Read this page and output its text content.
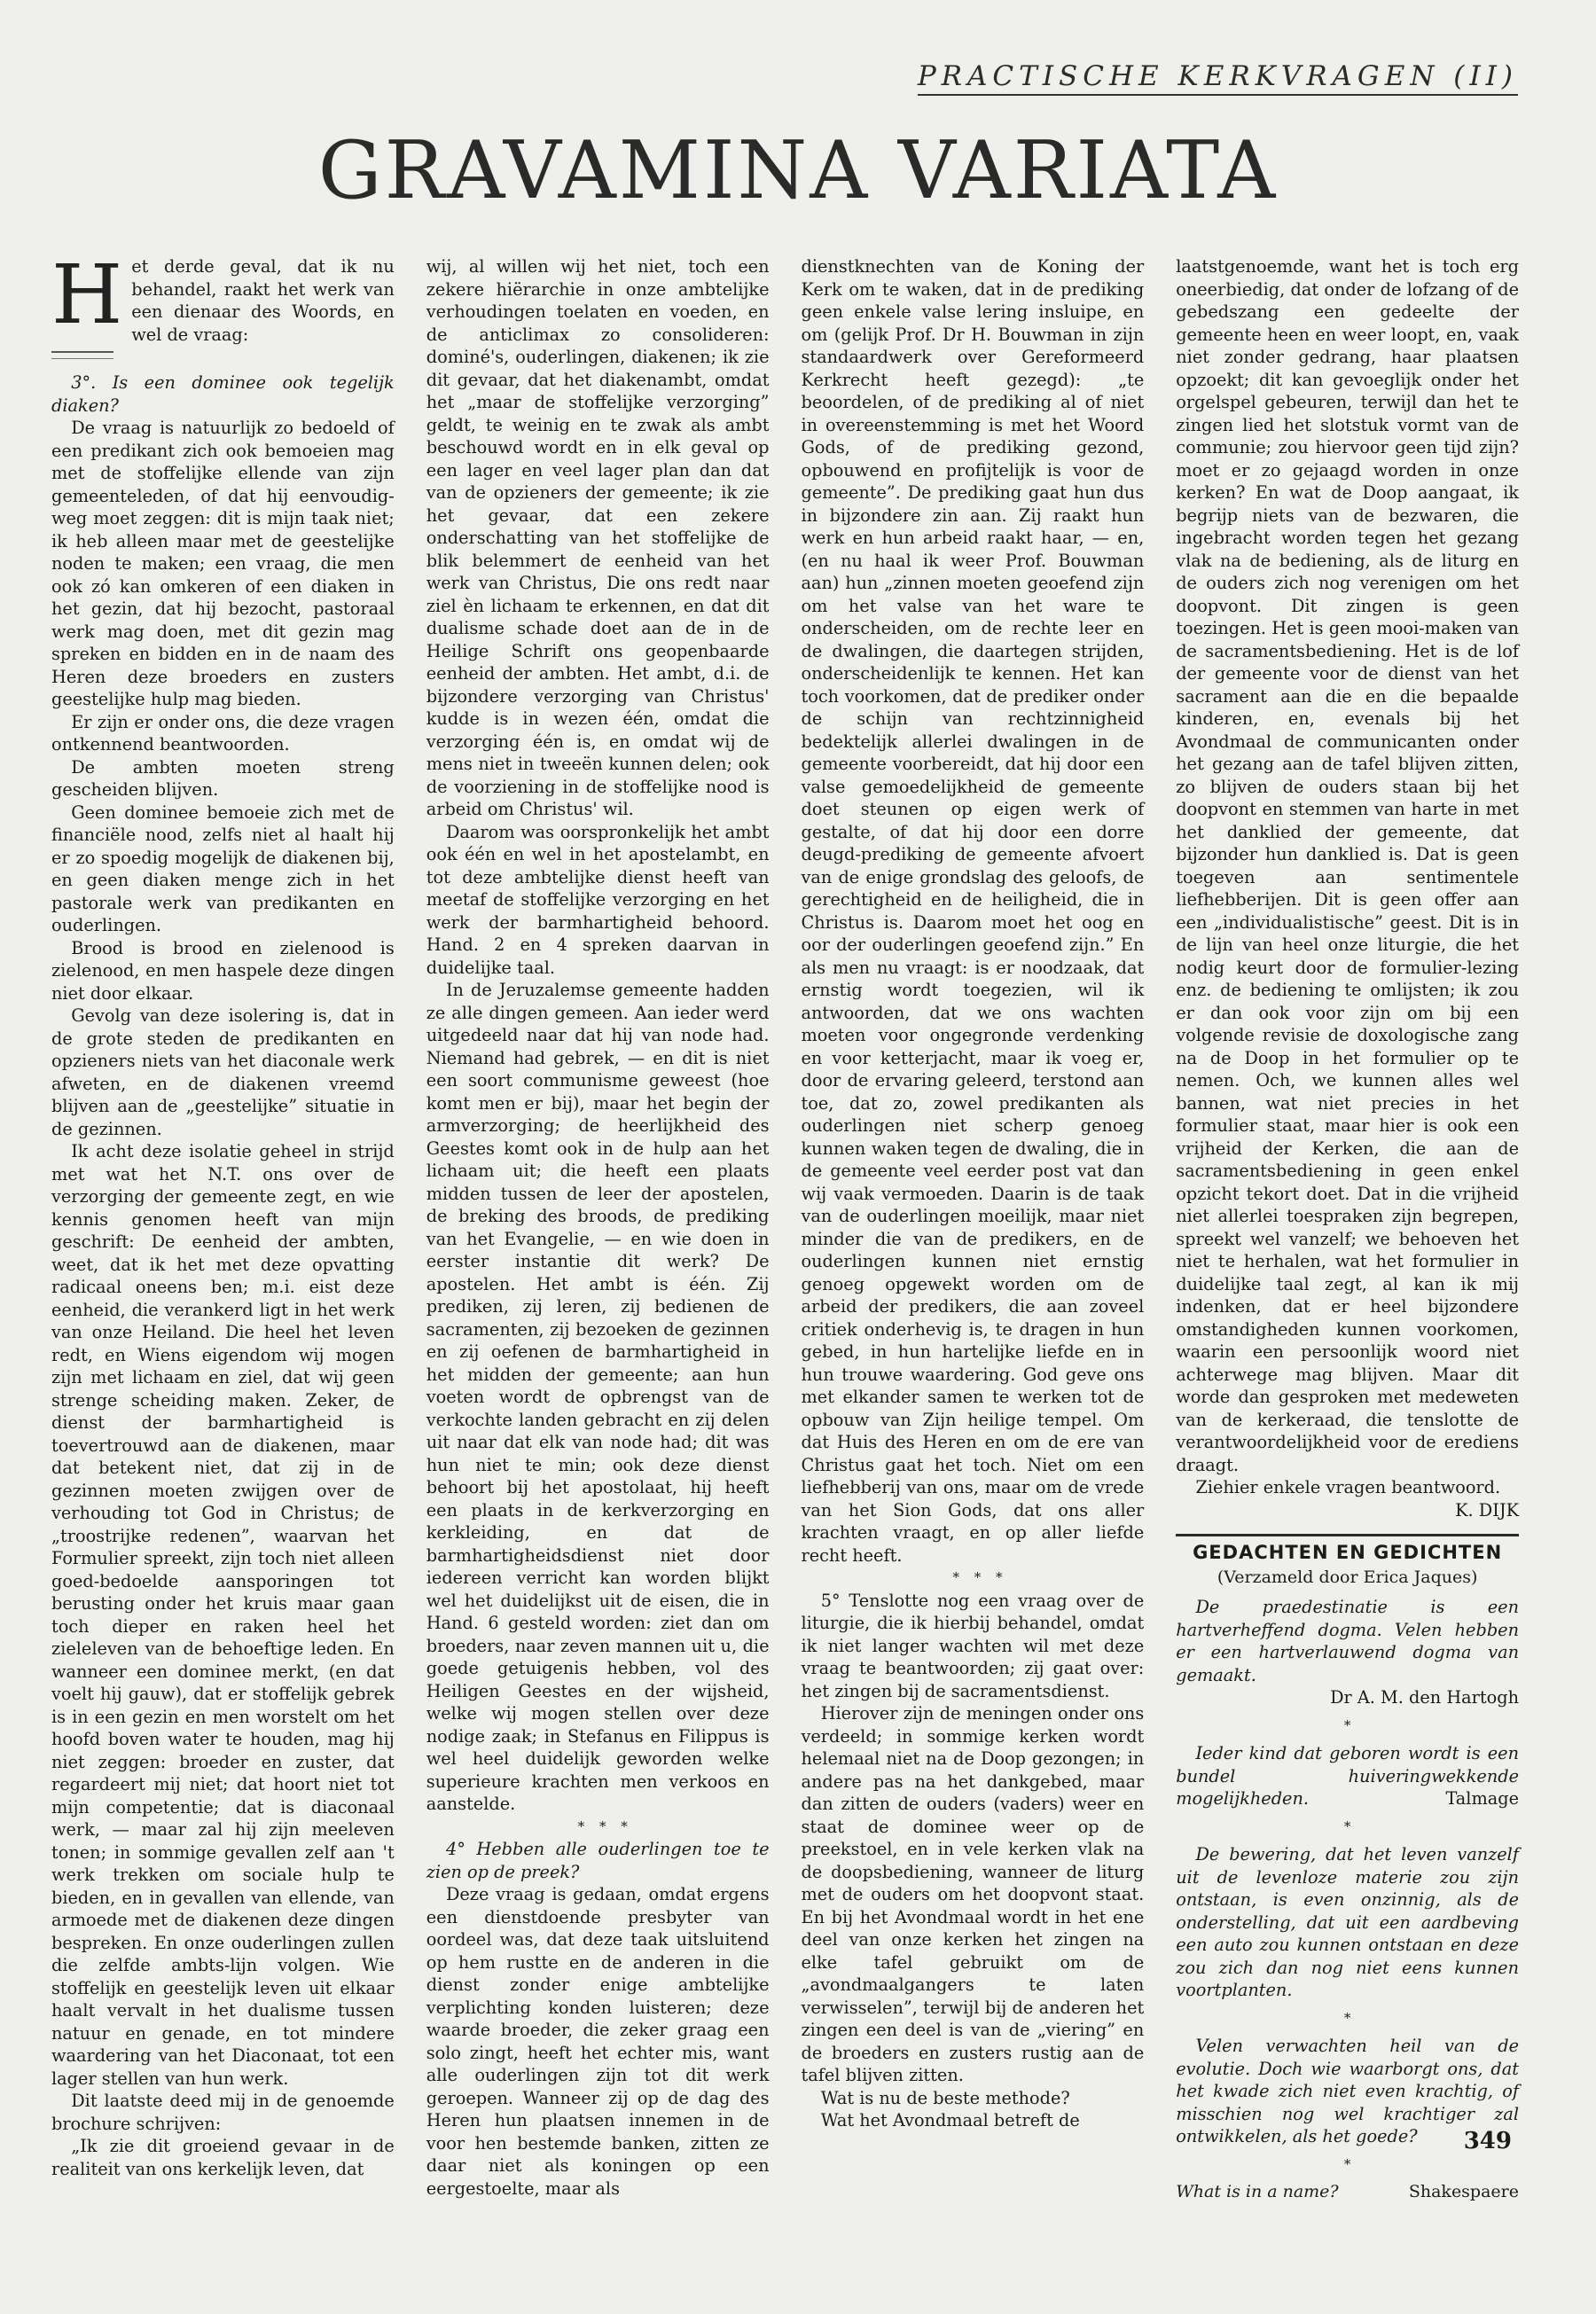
PRACTISCHE KERKVRAGEN (II)
GRAVAMINA VARIATA

Het derde geval, dat ik nu behandel, raakt het werk van een dienaar des Woords, en wel de vraag:

3°. Is een dominee ook tegelijk diaken?

De vraag is natuurlijk zo bedoeld of een predikant zich ook bemoeien mag met de stoffelijke ellende van zijn gemeenteleden, of dat hij eenvoudig-weg moet zeggen: dit is mijn taak niet; ik heb alleen maar met de geestelijke noden te maken; een vraag, die men ook zó kan omkeren of een diaken in het gezin, dat hij bezocht, pastoraal werk mag doen, met dit gezin mag spreken en bidden en in de naam des Heren deze broeders en zusters geestelijke hulp mag bieden.

Er zijn er onder ons, die deze vragen ontkennend beantwoorden.

De ambten moeten streng gescheiden blijven.

Geen dominee bemoeie zich met de financiële nood, zelfs niet al haalt hij er zo spoedig mogelijk de diakenen bij, en geen diaken menge zich in het pastorale werk van predikanten en ouderlingen.

Brood is brood en zielenood is zielenood, en men haspele deze dingen niet door elkaar.

Gevolg van deze isolering is, dat in de grote steden de predikanten en opzieners niets van het diaconale werk afweten, en de diakenen vreemd blijven aan de „geestelijke” situatie in de gezinnen.

Ik acht deze isolatie geheel in strijd met wat het N.T. ons over de verzorging der gemeente zegt, en wie kennis genomen heeft van mijn geschrift: De eenheid der ambten, weet, dat ik het met deze opvatting radicaal oneens ben; m.i. eist deze eenheid, die verankerd ligt in het werk van onze Heiland. Die heel het leven redt, en Wiens eigendom wij mogen zijn met lichaam en ziel, dat wij geen strenge scheiding maken. Zeker, de dienst der barmhartigheid is toevertrouwd aan de diakenen, maar dat betekent niet, dat zij in de gezinnen moeten zwijgen over de verhouding tot God in Christus; de „troostrijke redenen”, waarvan het Formulier spreekt, zijn toch niet alleen goed-bedoelde aansporingen tot berusting onder het kruis maar gaan toch dieper en raken heel het zieleleven van de behoeftige leden. En wanneer een dominee merkt, (en dat voelt hij gauw), dat er stoffelijk gebrek is in een gezin en men worstelt om het hoofd boven water te houden, mag hij niet zeggen: broeder en zuster, dat regardeert mij niet; dat hoort niet tot mijn competentie; dat is diaconaal werk, — maar zal hij zijn meeleven tonen; in sommige gevallen zelf aan 't werk trekken om sociale hulp te bieden, en in gevallen van ellende, van armoede met de diakenen deze dingen bespreken. En onze ouderlingen zullen die zelfde ambts-lijn volgen. Wie stoffelijk en geestelijk leven uit elkaar haalt vervalt in het dualisme tussen natuur en genade, en tot mindere waardering van het Diaconaat, tot een lager stellen van hun werk.

Dit laatste deed mij in de genoemde brochure schrijven:

„Ik zie dit groeiend gevaar in de realiteit van ons kerkelijk leven, dat

wij, al willen wij het niet, toch een zekere hiërarchie in onze ambtelijke verhoudingen toelaten en voeden, en de anticlimax zo consolideren: dominé's, ouderlingen, diakenen; ik zie dit gevaar, dat het diakenambt, omdat het „maar de stoffelijke verzorging” geldt, te weinig en te zwak als ambt beschouwd wordt en in elk geval op een lager en veel lager plan dan dat van de opzieners der gemeente; ik zie het gevaar, dat een zekere onderschatting van het stoffelijke de blik belemmert de eenheid van het werk van Christus, Die ons redt naar ziel èn lichaam te erkennen, en dat dit dualisme schade doet aan de in de Heilige Schrift ons geopenbaarde eenheid der ambten. Het ambt, d.i. de bijzondere verzorging van Christus' kudde is in wezen één, omdat die verzorging één is, en omdat wij de mens niet in tweeën kunnen delen; ook de voorziening in de stoffelijke nood is arbeid om Christus' wil.

Daarom was oorspronkelijk het ambt ook één en wel in het apostelambt, en tot deze ambtelijke dienst heeft van meetaf de stoffelijke verzorging en het werk der barmhartigheid behoord. Hand. 2 en 4 spreken daarvan in duidelijke taal.

In de Jeruzalemse gemeente hadden ze alle dingen gemeen. Aan ieder werd uitgedeeld naar dat hij van node had. Niemand had gebrek, — en dit is niet een soort communisme geweest (hoe komt men er bij), maar het begin der armverzorging; de heerlijkheid des Geestes komt ook in de hulp aan het lichaam uit; die heeft een plaats midden tussen de leer der apostelen, de breking des broods, de prediking van het Evangelie, — en wie doen in eerster instantie dit werk? De apostelen. Het ambt is één. Zij prediken, zij leren, zij bedienen de sacramenten, zij bezoeken de gezinnen en zij oefenen de barmhartigheid in het midden der gemeente; aan hun voeten wordt de opbrengst van de verkochte landen gebracht en zij delen uit naar dat elk van node had; dit was hun niet te min; ook deze dienst behoort bij het apostolaat, hij heeft een plaats in de kerkverzorging en kerkleiding, en dat de barmhartigheidsdienst niet door iedereen verricht kan worden blijkt wel het duidelijkst uit de eisen, die in Hand. 6 gesteld worden: ziet dan om broeders, naar zeven mannen uit u, die goede getuigenis hebben, vol des Heiligen Geestes en der wijsheid, welke wij mogen stellen over deze nodige zaak; in Stefanus en Filippus is wel heel duidelijk geworden welke superieure krachten men verkoos en aanstelde.

* * *

4° Hebben alle ouderlingen toe te zien op de preek?

Deze vraag is gedaan, omdat ergens een dienstdoende presbyter van oordeel was, dat deze taak uitsluitend op hem rustte en de anderen in die dienst zonder enige ambtelijke verplichting konden luisteren; deze waarde broeder, die zeker graag een solo zingt, heeft het echter mis, want alle ouderlingen zijn tot dit werk geroepen. Wanneer zij op de dag des Heren hun plaatsen innemen in de voor hen bestemde banken, zitten ze daar niet als koningen op een eergestoelte, maar als

dienstknechten van de Koning der Kerk om te waken, dat in de prediking geen enkele valse lering insluipe, en om (gelijk Prof. Dr H. Bouwman in zijn standaardwerk over Gereformeerd Kerkrecht heeft gezegd): „te beoordelen, of de prediking al of niet in overeenstemming is met het Woord Gods, of de prediking gezond, opbouwend en profijtelijk is voor de gemeente”. De prediking gaat hun dus in bijzondere zin aan. Zij raakt hun werk en hun arbeid raakt haar, — en, (en nu haal ik weer Prof. Bouwman aan) hun „zinnen moeten geoefend zijn om het valse van het ware te onderscheiden, om de rechte leer en de dwalingen, die daartegen strijden, onderscheidenlijk te kennen. Het kan toch voorkomen, dat de prediker onder de schijn van rechtzinnigheid bedektelijk allerlei dwalingen in de gemeente voorbereidt, dat hij door een valse gemoedelijkheid de gemeente doet steunen op eigen werk of gestalte, of dat hij door een dorre deugd-prediking de gemeente afvoert van de enige grondslag des geloofs, de gerechtigheid en de heiligheid, die in Christus is. Daarom moet het oog en oor der ouderlingen geoefend zijn.” En als men nu vraagt: is er noodzaak, dat ernstig wordt toegezien, wil ik antwoorden, dat we ons wachten moeten voor ongegronde verdenking en voor ketterjacht, maar ik voeg er, door de ervaring geleerd, terstond aan toe, dat zo, zowel predikanten als ouderlingen niet scherp genoeg kunnen waken tegen de dwaling, die in de gemeente veel eerder post vat dan wij vaak vermoeden. Daarin is de taak van de ouderlingen moeilijk, maar niet minder die van de predikers, en de ouderlingen kunnen niet ernstig genoeg opgewekt worden om de arbeid der predikers, die aan zoveel critiek onderhevig is, te dragen in hun gebed, in hun hartelijke liefde en in hun trouwe waardering. God geve ons met elkander samen te werken tot de opbouw van Zijn heilige tempel. Om dat Huis des Heren en om de ere van Christus gaat het toch. Niet om een liefhebberij van ons, maar om de vrede van het Sion Gods, dat ons aller krachten vraagt, en op aller liefde recht heeft.

* * *

5° Tenslotte nog een vraag over de liturgie, die ik hierbij behandel, omdat ik niet langer wachten wil met deze vraag te beantwoorden; zij gaat over: het zingen bij de sacramentsdienst.

Hierover zijn de meningen onder ons verdeeld; in sommige kerken wordt helemaal niet na de Doop gezongen; in andere pas na het dankgebed, maar dan zitten de ouders (vaders) weer en staat de dominee weer op de preekstoel, en in vele kerken vlak na de doopsbediening, wanneer de liturg met de ouders om het doopvont staat. En bij het Avondmaal wordt in het ene deel van onze kerken het zingen na elke tafel gebruikt om de „avondmaalgangers te laten verwisselen”, terwijl bij de anderen het zingen een deel is van de „viering” en de broeders en zusters rustig aan de tafel blijven zitten.

Wat is nu de beste methode?

Wat het Avondmaal betreft de

laatstgenoemde, want het is toch erg oneerbiedig, dat onder de lofzang of de gebedszang een gedeelte der gemeente heen en weer loopt, en, vaak niet zonder gedrang, haar plaatsen opzoekt; dit kan gevoeglijk onder het orgelspel gebeuren, terwijl dan het te zingen lied het slotstuk vormt van de communie; zou hiervoor geen tijd zijn? moet er zo gejaagd worden in onze kerken? En wat de Doop aangaat, ik begrijp niets van de bezwaren, die ingebracht worden tegen het gezang vlak na de bediening, als de liturg en de ouders zich nog verenigen om het doopvont. Dit zingen is geen toezingen. Het is geen mooi-maken van de sacramentsbediening. Het is de lof der gemeente voor de dienst van het sacrament aan die en die bepaalde kinderen, en, evenals bij het Avondmaal de communicanten onder het gezang aan de tafel blijven zitten, zo blijven de ouders staan bij het doopvont en stemmen van harte in met het danklied der gemeente, dat bijzonder hun danklied is. Dat is geen toegeven aan sentimentele liefhebberijen. Dit is geen offer aan een „individualistische” geest. Dit is in de lijn van heel onze liturgie, die het nodig keurt door de formulier-lezing enz. de bediening te omlijsten; ik zou er dan ook voor zijn om bij een volgende revisie de doxologische zang na de Doop in het formulier op te nemen. Och, we kunnen alles wel bannen, wat niet precies in het formulier staat, maar hier is ook een vrijheid der Kerken, die aan de sacramentsbediening in geen enkel opzicht tekort doet. Dat in die vrijheid niet allerlei toespraken zijn begrepen, spreekt wel vanzelf; we behoeven het niet te herhalen, wat het formulier in duidelijke taal zegt, al kan ik mij indenken, dat er heel bijzondere omstandigheden kunnen voorkomen, waarin een persoonlijk woord niet achterwege mag blijven. Maar dit worde dan gesproken met medeweten van de kerkeraad, die tenslotte de verantwoordelijkheid voor de erediens draagt.

Ziehier enkele vragen beantwoord.

K. DIJK

GEDACHTEN EN GEDICHTEN
(Verzameld door Erica Jaques)

De praedestinatie is een hartverheffend dogma. Velen hebben er een hartverlauwend dogma van gemaakt.

Dr A. M. den Hartogh

*

Ieder kind dat geboren wordt is een bundel huiveringwekkende mogelijkheden.	Talmage

*

De bewering, dat het leven vanzelf uit de levenloze materie zou zijn ontstaan, is even onzinnig, als de onderstelling, dat uit een aardbeving een auto zou kunnen ontstaan en deze zou zich dan nog niet eens kunnen voortplanten.

*

Velen verwachten heil van de evolutie. Doch wie waarborgt ons, dat het kwade zich niet even krachtig, of misschien nog wel krachtiger zal ontwikkelen, als het goede?

*
What is in a name?	Shakespaere
349
